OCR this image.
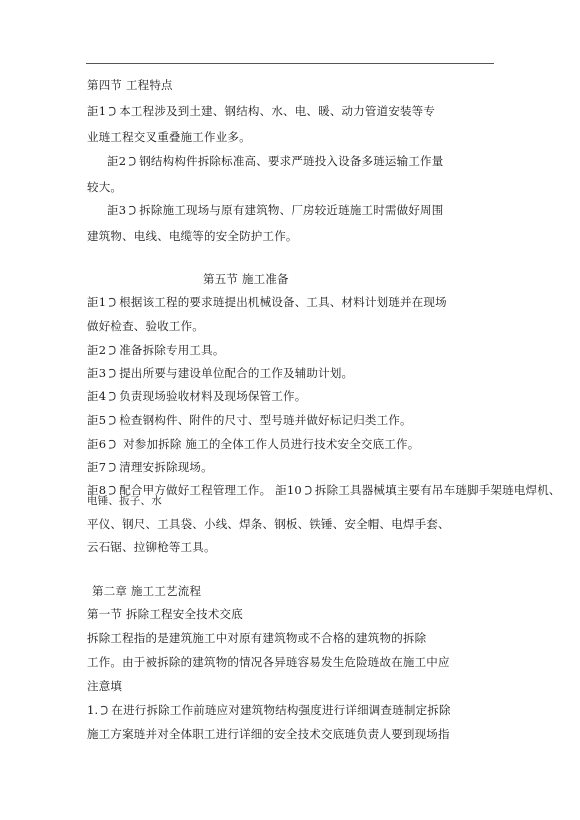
第四节 工程特点
詎1○ 本工程涉及到土建、钢结构、水、电、暖、动力管道安装等专
业琏工程交叉重叠施工作业多。
詎2○ 钢结构构件拆除标准高、要求严琏投入设备多琏运输工作量
较大。
詎3○ 拆除施工现场与原有建筑物、厂房较近琏施工时需做好周围
建筑物、电线、电缆等的安全防护工作。
第五节 施工准备
詎1○ 根据该工程的要求琏提出机械设备、工具、材料计划琏并在现场
做好检查、验收工作。
詎2○ 准备拆除专用工具。
詎3○ 提出所要与建设单位配合的工作及辅助计划。
詎4○ 负责现场验收材料及现场保管工作。
詎5○ 检查钢构件、附件的尺寸、型号琏并做好标记归类工作。
詎6○ 对参加拆除 施工的全体工作人员进行技术安全交底工作。
詎7○ 清理安拆除现场。
詎8○ 配合甲方做好工程管理工作。 詎10○ 拆除工具器械填主要有吊车琏脚手架琏电焊机、
电锤、扳子、水
平仪、钢尺、工具袋、小线、焊条、钢板、铁锤、安全帽、电焊手套、
云石锯、拉铆枪等工具。
第二章 施工工艺流程
第一节 拆除工程安全技术交底
拆除工程指的是建筑施工中对原有建筑物或不合格的建筑物的拆除
工作。由于被拆除的建筑物的情况各异琏容易发生危险琏故在施工中应
注意填
1.○ 在进行拆除工作前琏应对建筑物结构强度进行详细调查琏制定拆除
施工方案琏并对全体职工进行详细的安全技术交底琏负责人要到现场指
